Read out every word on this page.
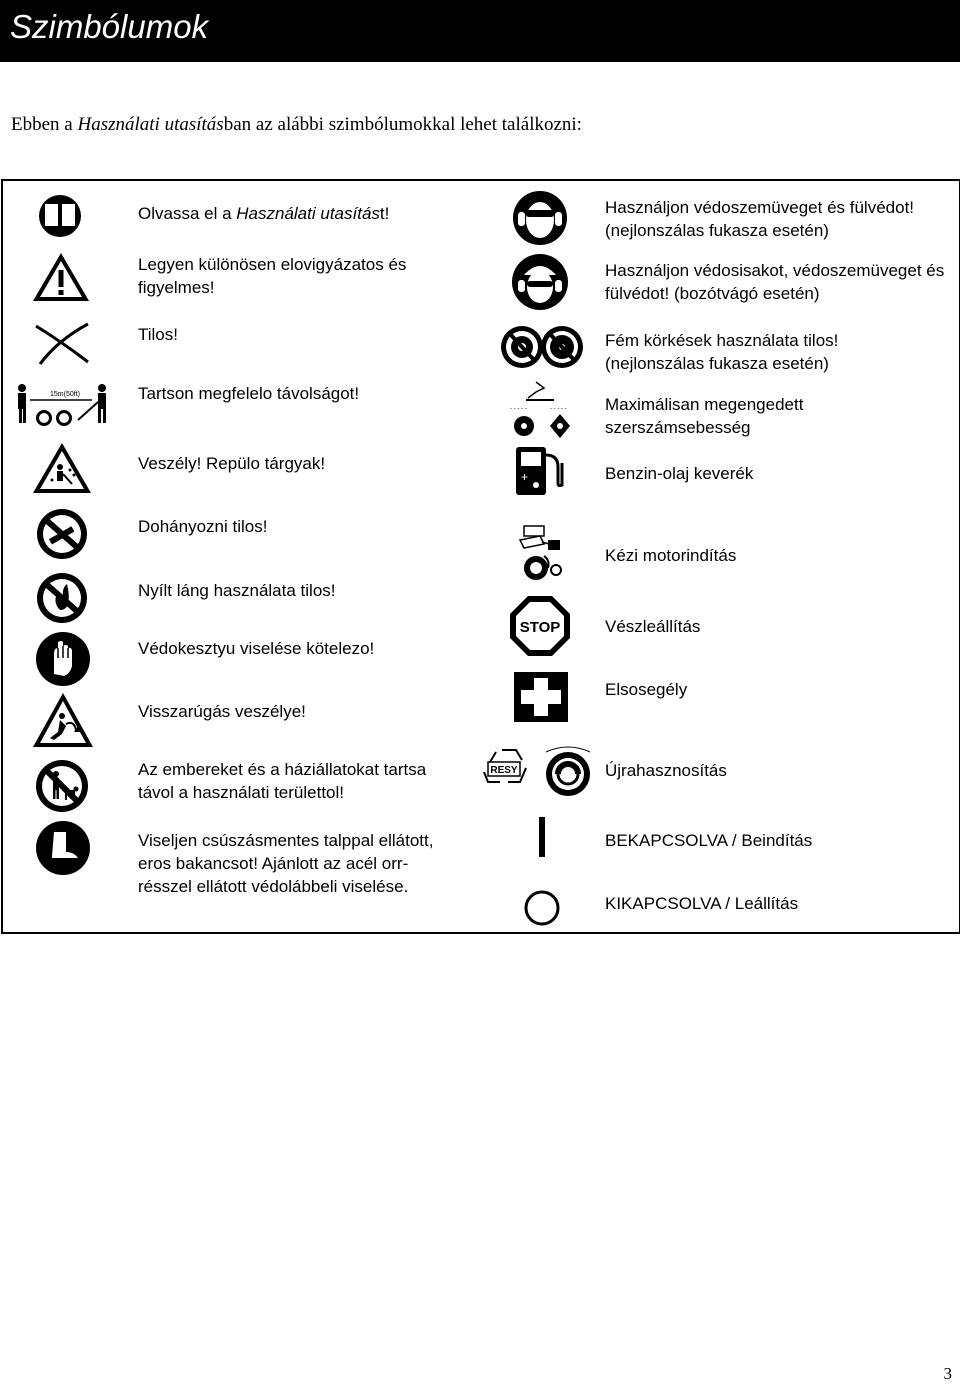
Szimbólumok
Ebben a Használati utasításban az alábbi szimbólumokkal lehet találkozni:
15m(50ft)
Olvassa el a Használati utasítást!
Legyen különösen elovigyázatos és figyelmes!
Tilos!
Tartson megfelelo távolságot!
Veszély! Repülo tárgyak!
Dohányozni tilos!
Nyílt láng használata tilos!
Védokesztyu viselése kötelezo!
Visszarúgás veszélye!
Az embereket és a háziállatokat tartsa távol a használati területtol!
Viseljen csúszásmentes talppal ellátott, eros bakancsot! Ajánlott az acél orr-résszel ellátott védolábbeli viselése.
- - - - -	- - - - -
+
STOP
RESY
Használjon védoszemüveget és fülvédot! (nejlonszálas fukasza esetén)
Használjon védosisakot, védoszemüveget és fülvédot! (bozótvágó esetén)
Fém körkések használata tilos! (nejlonszálas fukasza esetén)
Maximálisan megengedett szerszámsebesség
Benzin-olaj keverék
Kézi motorindítás
Vészleállítás
Elsosegély
Újrahasznosítás
BEKAPCSOLVA / Beindítás
KIKAPCSOLVA / Leállítás
3
